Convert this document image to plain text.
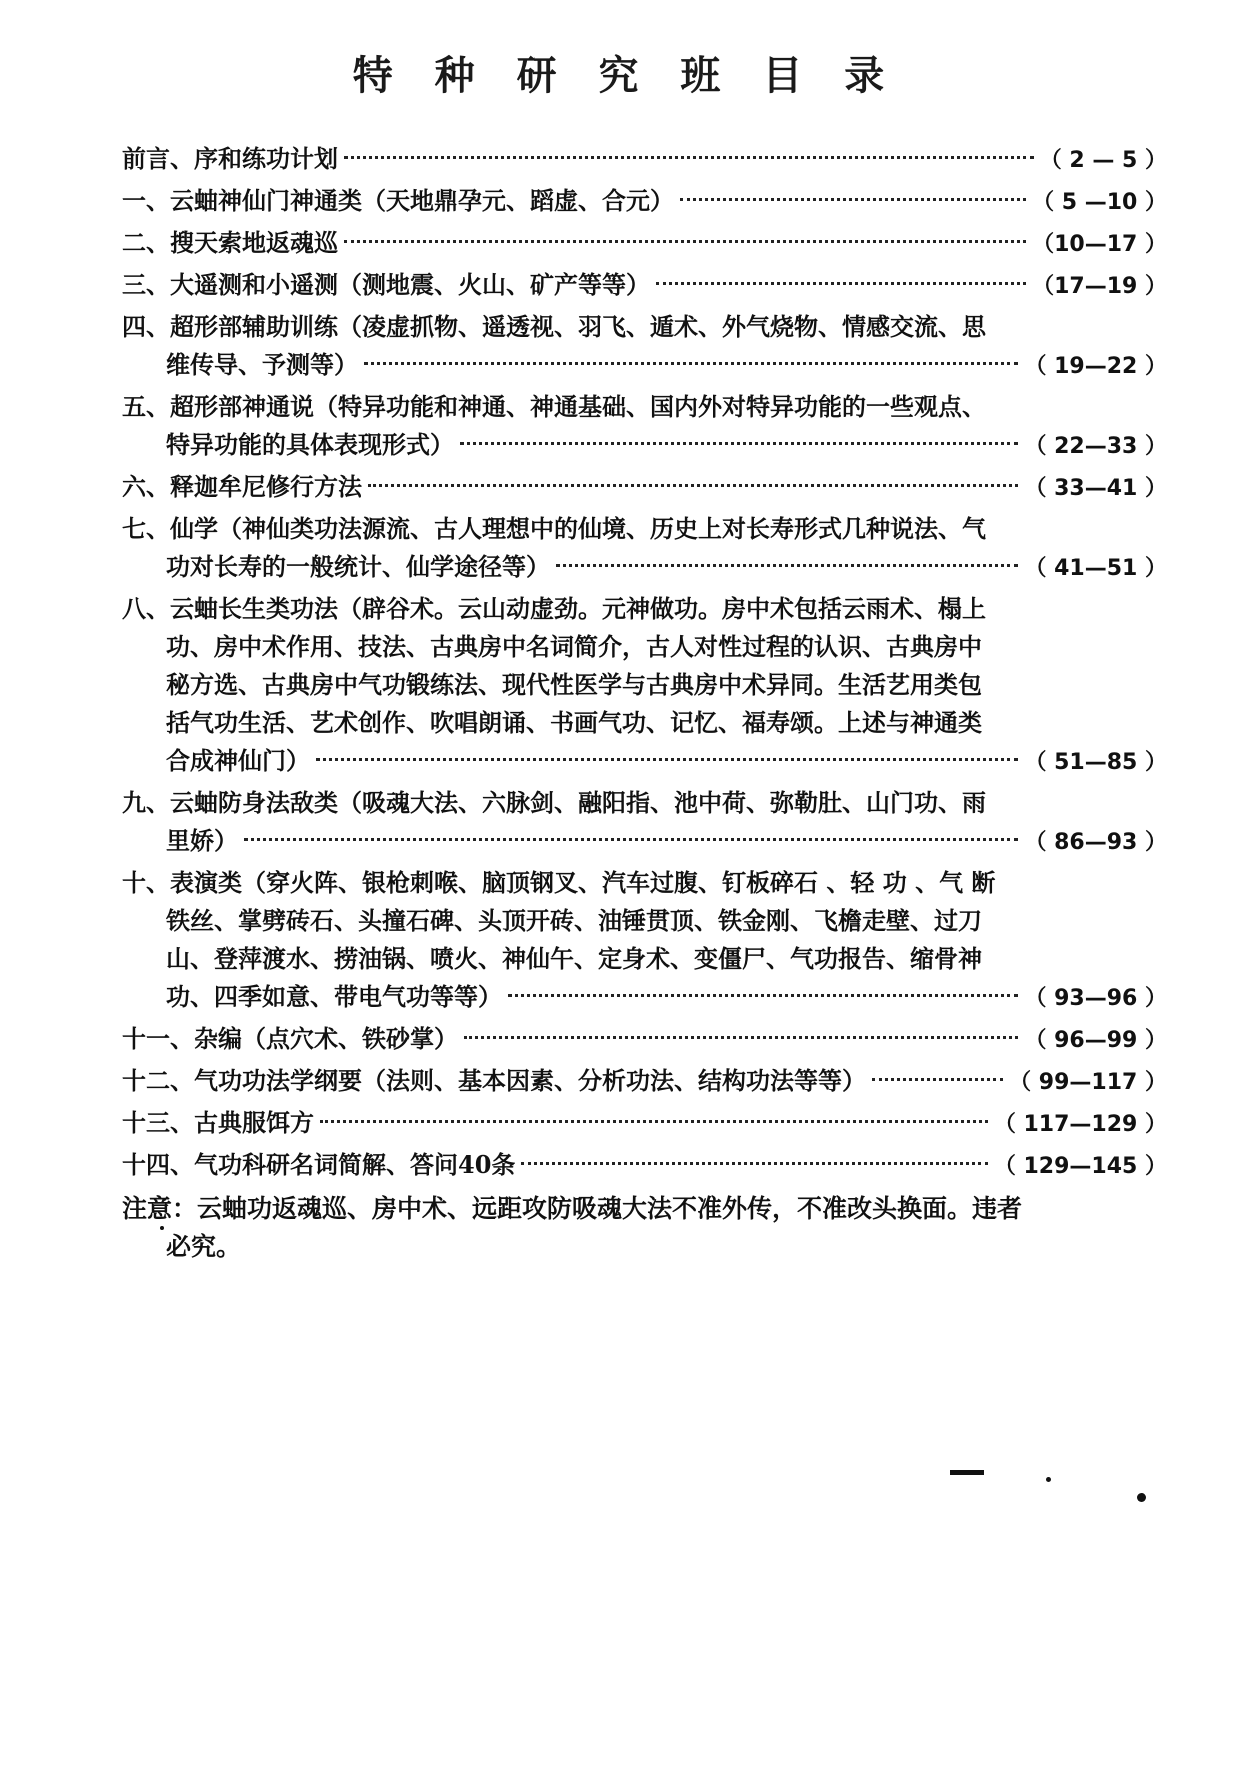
特 种 研 究 班 目 录
前言、序和练功计划	（ 2 — 5 ）
一、云蚰神仙门神通类（天地鼎孕元、蹈虚、合元）	（ 5 —10 ）
二、搜天索地返魂巡	（10—17 ）
三、大遥测和小遥测（测地震、火山、矿产等等）	（17—19 ）
四、超形部辅助训练（凌虚抓物、遥透视、羽飞、遁术、外气烧物、情感交流、思
维传导、予测等）	（ 19—22 ）
五、超形部神通说（特异功能和神通、神通基础、国内外对特异功能的一些观点、
特异功能的具体表现形式）	（ 22—33 ）
六、释迦牟尼修行方法	（ 33—41 ）
七、仙学（神仙类功法源流、古人理想中的仙境、历史上对长寿形式几种说法、气
功对长寿的一般统计、仙学途径等）	（ 41—51 ）
八、云蚰长生类功法（辟谷术。云山动虚劲。元神做功。房中术包括云雨术、榻上
功、房中术作用、技法、古典房中名词简介，古人对性过程的认识、古典房中
秘方选、古典房中气功锻练法、现代性医学与古典房中术异同。生活艺用类包
括气功生活、艺术创作、吹唱朗诵、书画气功、记忆、福寿颂。上述与神通类
合成神仙门）	（ 51—85 ）
九、云蚰防身法敌类（吸魂大法、六脉剑、融阳指、池中荷、弥勒肚、山门功、雨
里娇）	（ 86—93 ）
十、表演类（穿火阵、银枪刺喉、脑顶钢叉、汽车过腹、钉板碎石 、轻 功 、气 断
铁丝、掌劈砖石、头撞石碑、头顶开砖、油锤贯顶、铁金刚、飞檐走壁、过刀
山、登萍渡水、捞油锅、喷火、神仙午、定身术、变僵尸、气功报告、缩骨神
功、四季如意、带电气功等等）	（ 93—96 ）
十一、杂编（点穴术、铁砂掌）	（ 96—99 ）
十二、气功功法学纲要（法则、基本因素、分析功法、结构功法等等）	（ 99—117 ）
十三、古典服饵方	（ 117—129 ）
十四、气功科研名词简解、答问40条	（ 129—145 ）
注意：云蚰功返魂巡、房中术、远距攻防吸魂大法不准外传，不准改头换面。违者
必究。
